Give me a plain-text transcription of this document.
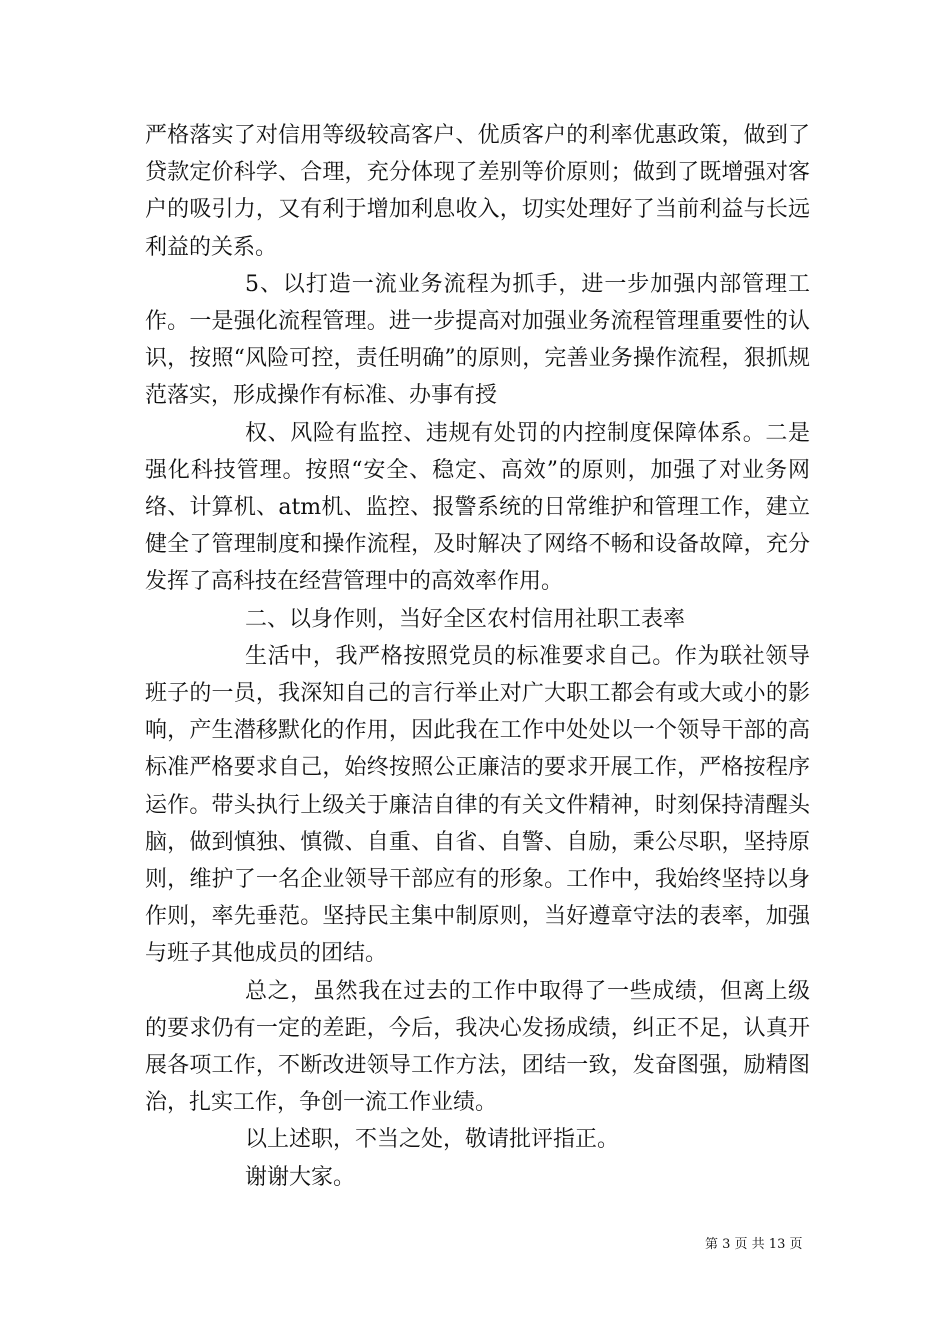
严格落实了对信用等级较高客户、优质客户的利率优惠政策，做到了贷款定价科学、合理，充分体现了差别等价原则；做到了既增强对客户的吸引力，又有利于增加利息收入，切实处理好了当前利益与长远利益的关系。

5、以打造一流业务流程为抓手，进一步加强内部管理工作。一是强化流程管理。进一步提高对加强业务流程管理重要性的认识，按照“风险可控，责任明确”的原则，完善业务操作流程，狠抓规范落实，形成操作有标准、办事有授

权、风险有监控、违规有处罚的内控制度保障体系。二是强化科技管理。按照“安全、稳定、高效”的原则，加强了对业务网络、计算机、atm机、监控、报警系统的日常维护和管理工作，建立健全了管理制度和操作流程，及时解决了网络不畅和设备故障，充分发挥了高科技在经营管理中的高效率作用。

二、以身作则，当好全区农村信用社职工表率

生活中，我严格按照党员的标准要求自己。作为联社领导班子的一员，我深知自己的言行举止对广大职工都会有或大或小的影响，产生潜移默化的作用，因此我在工作中处处以一个领导干部的高标准严格要求自己，始终按照公正廉洁的要求开展工作，严格按程序运作。带头执行上级关于廉洁自律的有关文件精神，时刻保持清醒头脑，做到慎独、慎微、自重、自省、自警、自励，秉公尽职，坚持原则，维护了一名企业领导干部应有的形象。工作中，我始终坚持以身作则，率先垂范。坚持民主集中制原则，当好遵章守法的表率，加强与班子其他成员的团结。

总之，虽然我在过去的工作中取得了一些成绩，但离上级的要求仍有一定的差距，今后，我决心发扬成绩，纠正不足，认真开展各项工作，不断改进领导工作方法，团结一致，发奋图强，励精图治，扎实工作，争创一流工作业绩。

以上述职，不当之处，敬请批评指正。

谢谢大家。

第 3 页 共 13 页
